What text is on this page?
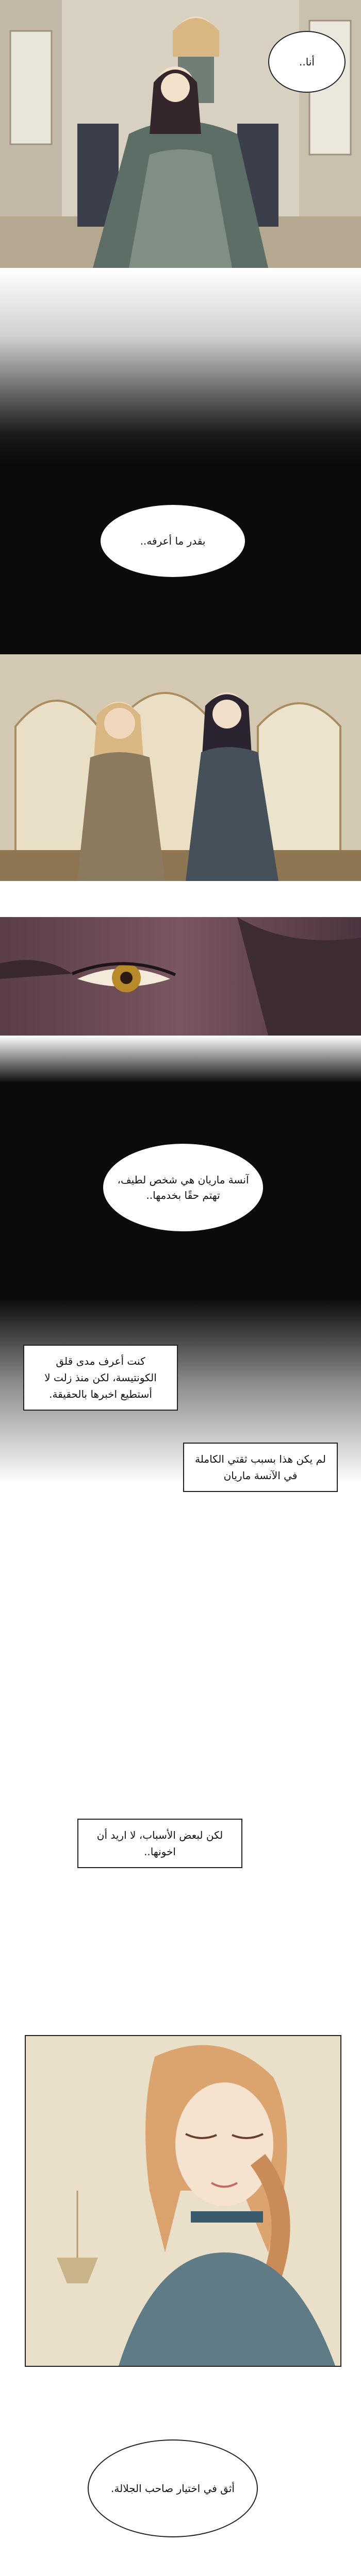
أنا..
بقدر ما أعرفه..
آنسة ماريان هي شخص لطيف، تهتم حقًا بخدمها..
كنت أعرف مدى قلق الكونتيسة، لكن منذ زلت لا أستطيع اخبرها بالحقيقة.
لم يكن هذا بسبب ثقتي الكاملة في الآنسة ماريان
لكن لبعض الأسباب، لا اريد أن اخونها..
أثق في اختيار صاحب الجلالة.
